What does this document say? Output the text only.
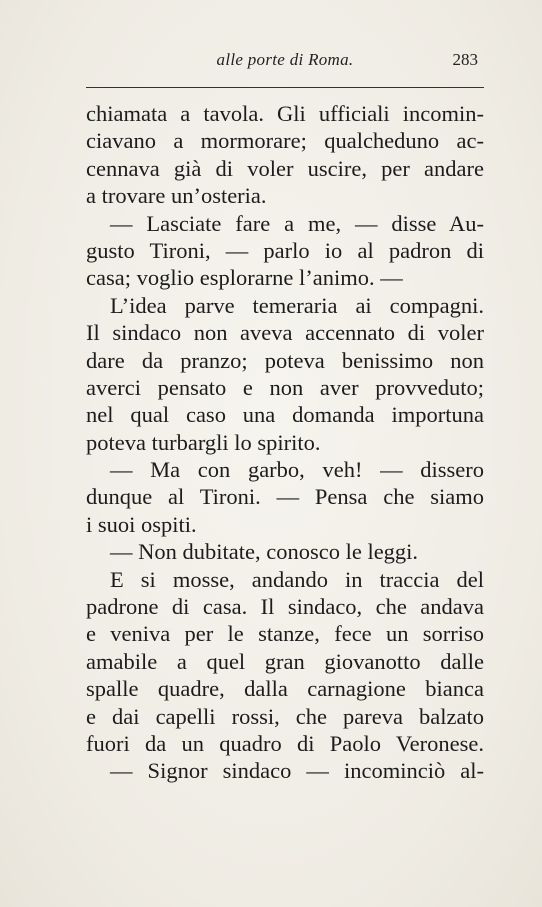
alle porte di Roma.	283
chiamata a tavola. Gli ufficiali incomin-
ciavano a mormorare; qualcheduno ac-
cennava già di voler uscire, per andare
a trovare un’osteria.
— Lasciate fare a me, — disse Au-
gusto Tironi, — parlo io al padron di
casa; voglio esplorarne l’animo. —
L’idea parve temeraria ai compagni.
Il sindaco non aveva accennato di voler
dare da pranzo; poteva benissimo non
averci pensato e non aver provveduto;
nel qual caso una domanda importuna
poteva turbargli lo spirito.
— Ma con garbo, veh! — dissero
dunque al Tironi. — Pensa che siamo
i suoi ospiti.
— Non dubitate, conosco le leggi.
E si mosse, andando in traccia del
padrone di casa. Il sindaco, che andava
e veniva per le stanze, fece un sorriso
amabile a quel gran giovanotto dalle
spalle quadre, dalla carnagione bianca
e dai capelli rossi, che pareva balzato
fuori da un quadro di Paolo Veronese.
— Signor sindaco — incominciò al-
